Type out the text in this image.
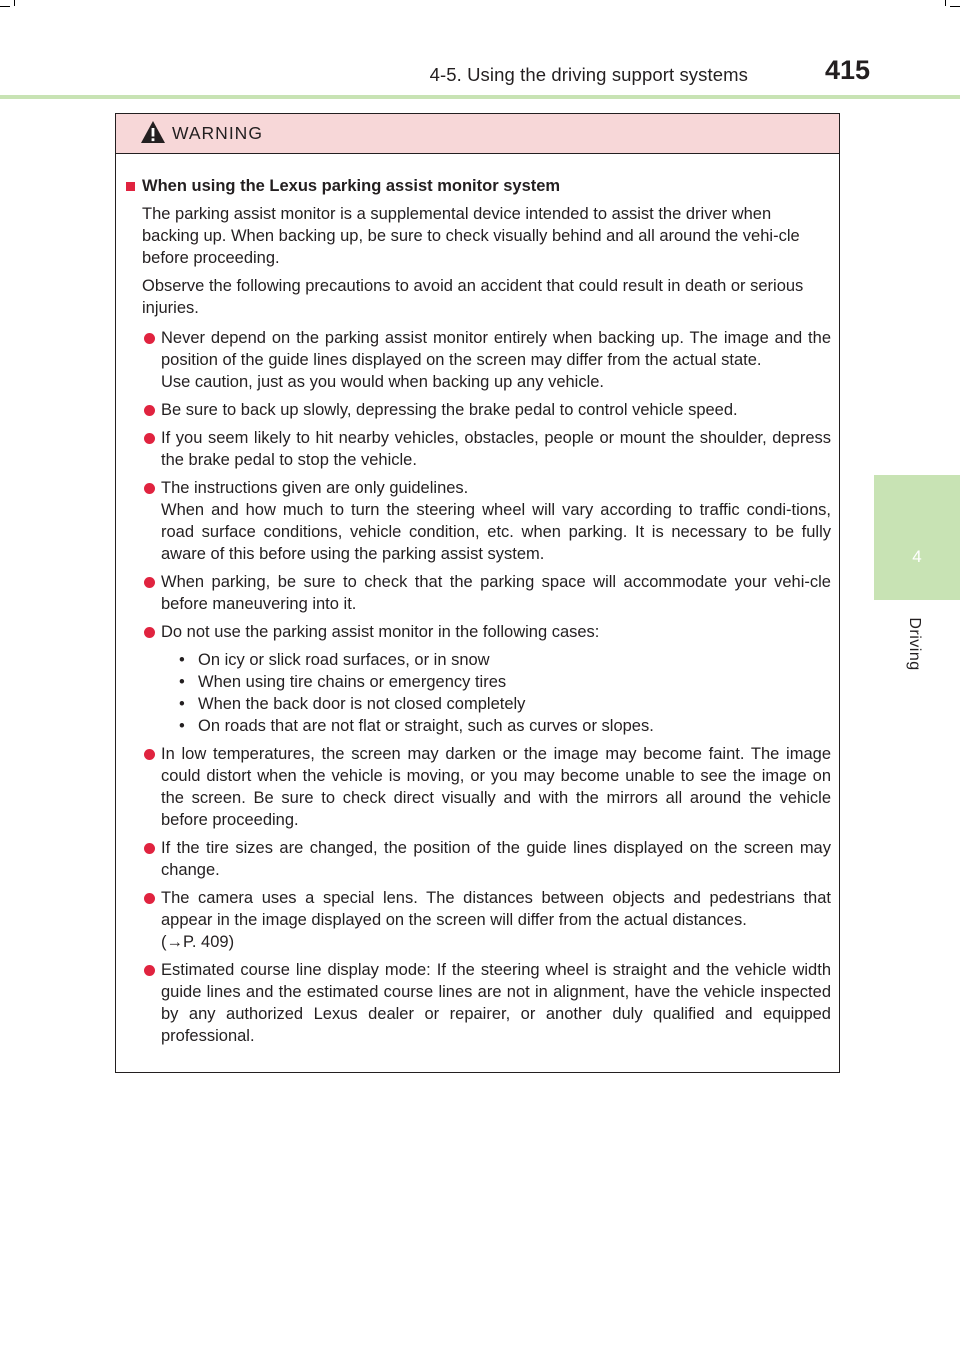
4-5. Using the driving support systems	415
4
Driving
WARNING
When using the Lexus parking assist monitor system
The parking assist monitor is a supplemental device intended to assist the driver when backing up. When backing up, be sure to check visually behind and all around the vehi-cle before proceeding.
Observe the following precautions to avoid an accident that could result in death or serious injuries.

Never depend on the parking assist monitor entirely when backing up. The image and the position of the guide lines displayed on the screen may differ from the actual state.

Use caution, just as you would when backing up any vehicle.

Be sure to back up slowly, depressing the brake pedal to control vehicle speed.

If you seem likely to hit nearby vehicles, obstacles, people or mount the shoulder, depress the brake pedal to stop the vehicle.

The instructions given are only guidelines.

When and how much to turn the steering wheel will vary according to traffic condi-tions, road surface conditions, vehicle condition, etc. when parking. It is necessary to be fully aware of this before using the parking assist system.

When parking, be sure to check that the parking space will accommodate your vehi-cle before maneuvering into it.

Do not use the parking assist monitor in the following cases:

• On icy or slick road surfaces, or in snow
• When using tire chains or emergency tires
• When the back door is not closed completely
• On roads that are not flat or straight, such as curves or slopes.

In low temperatures, the screen may darken or the image may become faint. The image could distort when the vehicle is moving, or you may become unable to see the image on the screen. Be sure to check direct visually and with the mirrors all around the vehicle before proceeding.

If the tire sizes are changed, the position of the guide lines displayed on the screen may change.

The camera uses a special lens. The distances between objects and pedestrians that appear in the image displayed on the screen will differ from the actual distances.

(→P. 409)

Estimated course line display mode: If the steering wheel is straight and the vehicle width guide lines and the estimated course lines are not in alignment, have the vehicle inspected by any authorized Lexus dealer or repairer, or another duly qualified and equipped professional.
